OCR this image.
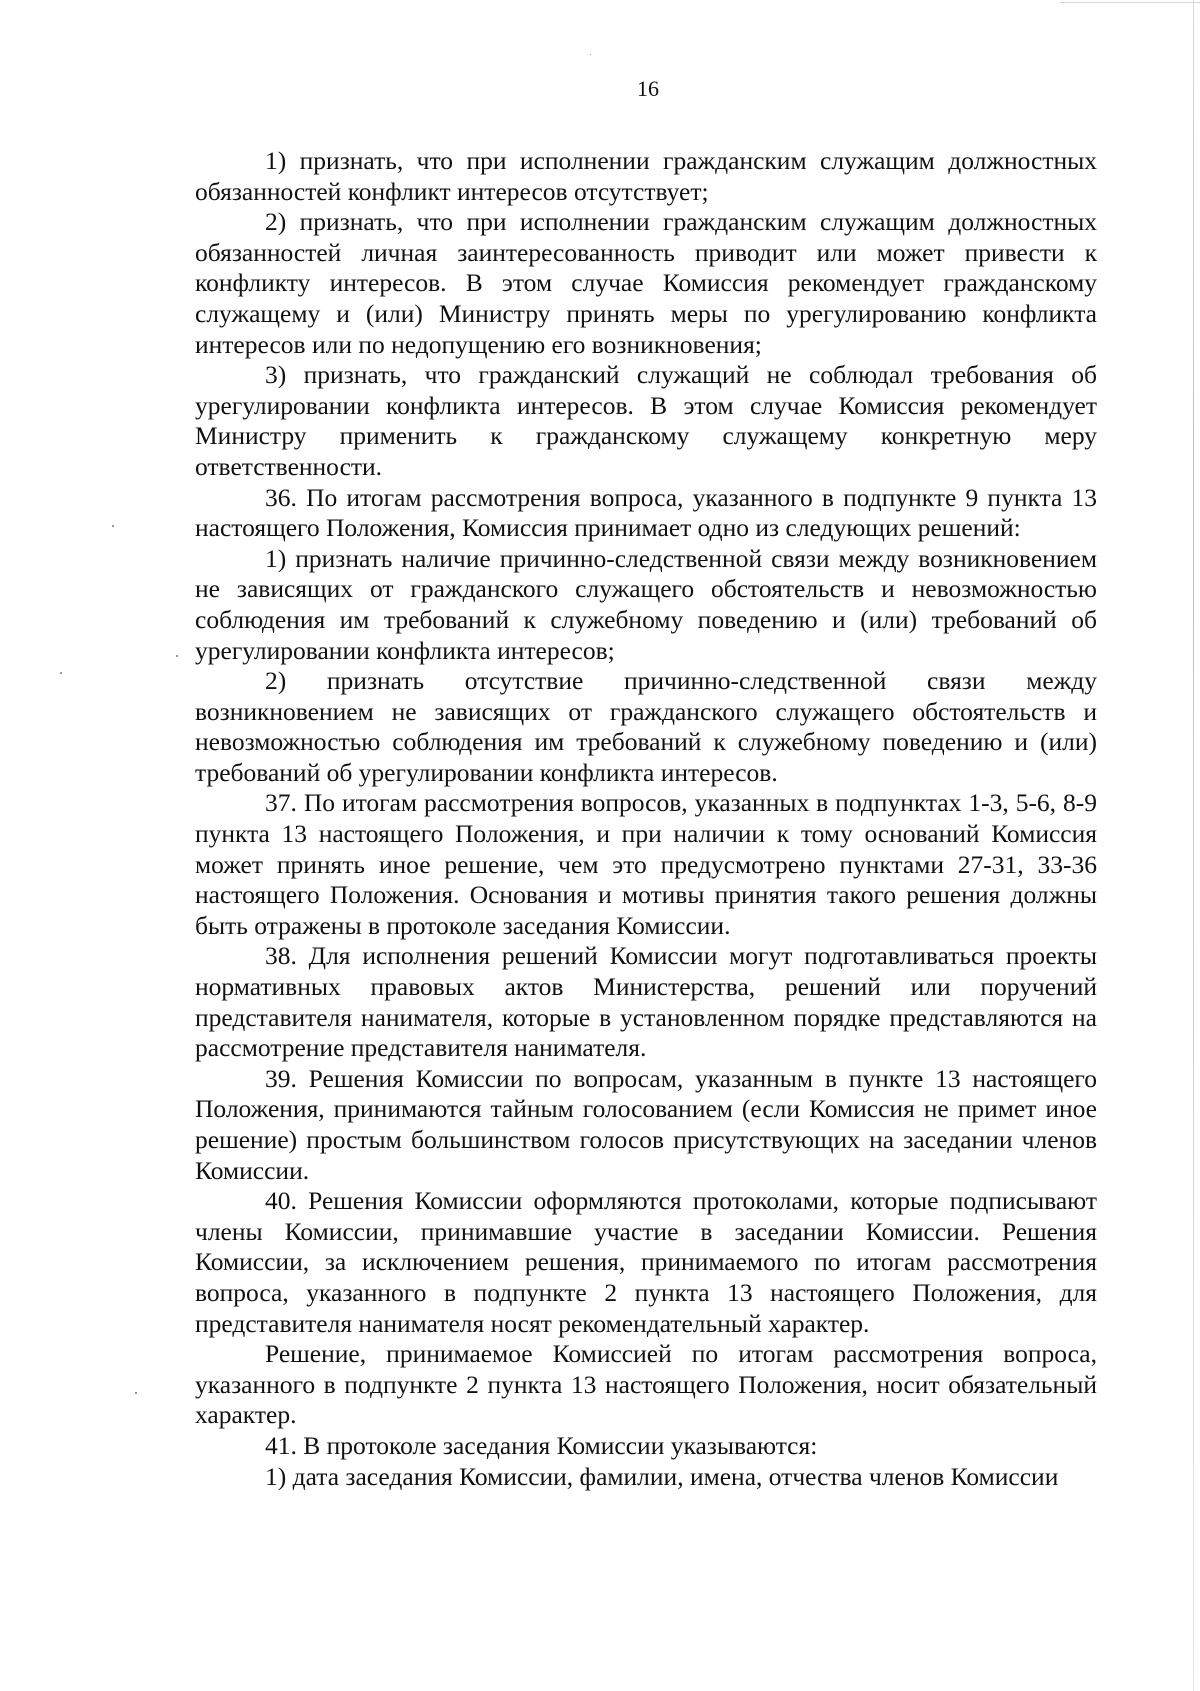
16

1) признать, что при исполнении гражданским служащим должностных обязанностей конфликт интересов отсутствует;

2) признать, что при исполнении гражданским служащим должностных обязанностей личная заинтересованность приводит или может привести к конфликту интересов. В этом случае Комиссия рекомендует гражданскому служащему и (или) Министру принять меры по урегулированию конфликта интересов или по недопущению его возникновения;

3) признать, что гражданский служащий не соблюдал требования об урегулировании конфликта интересов. В этом случае Комиссия рекомендует Министру применить к гражданскому служащему конкретную меру ответственности.

36. По итогам рассмотрения вопроса, указанного в подпункте 9 пункта 13 настоящего Положения, Комиссия принимает одно из следующих решений:

1) признать наличие причинно-следственной связи между возникновением не зависящих от гражданского служащего обстоятельств и невозможностью соблюдения им требований к служебному поведению и (или) требований об урегулировании конфликта интересов;

2) признать отсутствие причинно-следственной связи между возникновением не зависящих от гражданского служащего обстоятельств и невозможностью соблюдения им требований к служебному поведению и (или) требований об урегулировании конфликта интересов.

37. По итогам рассмотрения вопросов, указанных в подпунктах 1-3, 5-6, 8-9 пункта 13 настоящего Положения, и при наличии к тому оснований Комиссия может принять иное решение, чем это предусмотрено пунктами 27-31, 33-36 настоящего Положения. Основания и мотивы принятия такого решения должны быть отражены в протоколе заседания Комиссии.

38. Для исполнения решений Комиссии могут подготавливаться проекты нормативных правовых актов Министерства, решений или поручений представителя нанимателя, которые в установленном порядке представляются на рассмотрение представителя нанимателя.

39. Решения Комиссии по вопросам, указанным в пункте 13 настоящего Положения, принимаются тайным голосованием (если Комиссия не примет иное решение) простым большинством голосов присутствующих на заседании членов Комиссии.

40. Решения Комиссии оформляются протоколами, которые подписывают члены Комиссии, принимавшие участие в заседании Комиссии. Решения Комиссии, за исключением решения, принимаемого по итогам рассмотрения вопроса, указанного в подпункте 2 пункта 13 настоящего Положения, для представителя нанимателя носят рекомендательный характер.

Решение, принимаемое Комиссией по итогам рассмотрения вопроса, указанного в подпункте 2 пункта 13 настоящего Положения, носит обязательный характер.

41. В протоколе заседания Комиссии указываются:

1) дата заседания Комиссии, фамилии, имена, отчества членов Комиссии
